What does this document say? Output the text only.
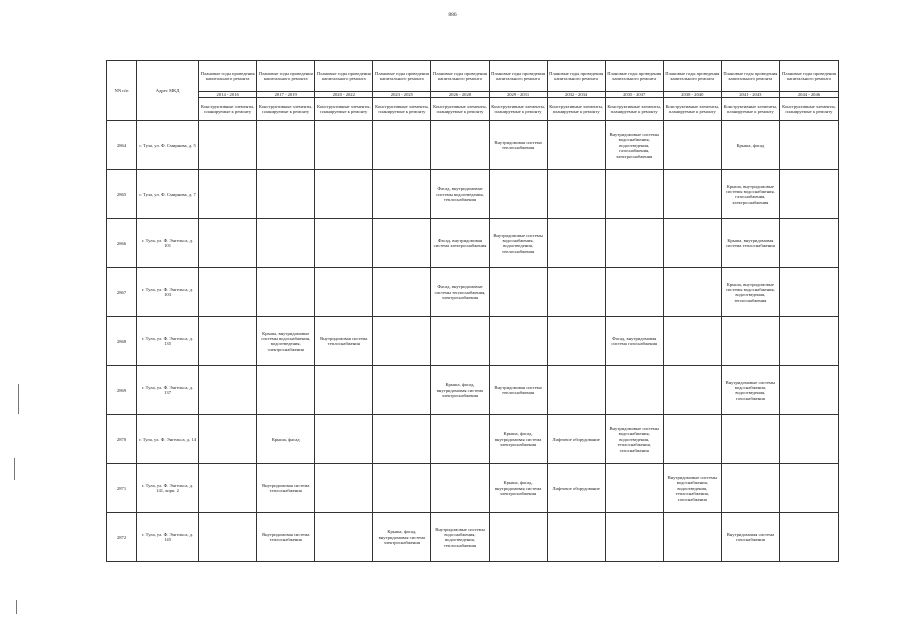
886
NN п/п	Адрес МКД	Плановые годы проведения капитального ремонта	Плановые годы проведения капитального ремонта	Плановые годы проведения капитального ремонта	Плановые годы проведения капитального ремонта	Плановые годы проведения капитального ремонта	Плановые годы проведения капитального ремонта	Плановые годы проведения капитального ремонта	Плановые годы проведения капитального ремонта	Плановые годы проведения капитального ремонта	Плановые годы проведения капитального ремонта	Плановые годы проведения капитального ремонта
		2014 - 2016	2017 - 2019	2020 - 2022	2023 - 2025	2026 - 2028	2029 - 2031	2032 - 2034	2035 - 2037	2038 - 2040	2041 - 2043	2044 - 2046
		Конструктивные элементы, планируемые к ремонту	Конструктивные элементы, планируемые к ремонту	Конструктивные элементы, планируемые к ремонту	Конструктивные элементы, планируемые к ремонту	Конструктивные элементы, планируемые к ремонту	Конструктивные элементы, планируемые к ремонту	Конструктивные элементы, планируемые к ремонту	Конструктивные элементы, планируемые к ремонту	Конструктивные элементы, планируемые к ремонту	Конструктивные элементы, планируемые к ремонту	Конструктивные элементы, планируемые к ремонту
2864	г. Тула, ул. Ф. Смирнова, д. 5						Внутридомовая система теплоснабжения		Внутридомовые системы водоснабжения, водоотведения, газоснабжения, электроснабжения		Крыша, фасад	
2865	г. Тула, ул. Ф. Смирнова, д. 7					Фасад, внутридомовые системы водоотведения, теплоснабжения					Крыша, внутридомовые системы водоснабжения, газоснабжения, электроснабжения	
2866	г. Тула, ул. Ф. Энгельса, д. 101					Фасад, внутридомовая система электроснабжения	Внутридомовые системы водоснабжения, водоотведения, теплоснабжения				Крыша, внутридомовая система теплоснабжения	
2867	г. Тула, ул. Ф. Энгельса, д. 103					Фасад, внутридомовые системы теплоснабжения, электроснабжения					Крыша, внутридомовые системы водоснабжения, водоотведения, теплоснабжения	
2868	г. Тула, ул. Ф. Энгельса, д. 135		Крыша, внутридомовые системы водоснабжения, водоотведения, электроснабжения	Внутридомовая система теплоснабжения					Фасад, внутридомовая система газоснабжения			
2869	г. Тула, ул. Ф. Энгельса, д. 137					Крыша, фасад, внутридомовая система электроснабжения	Внутридомовая система теплоснабжения				Внутридомовые системы водоснабжения, водоотведения, газоснабжения	
2870	г. Тула, ул. Ф. Энгельса, д. 14		Крыша, фасад				Крыша, фасад, внутридомовая система электроснабжения	Лифтовое оборудование	Внутридомовые системы водоснабжения, водоотведения, теплоснабжения, газоснабжения			
2871	г. Тула, ул. Ф. Энгельса, д. 141, корп. 2		Внутридомовая система теплоснабжения				Крыша, фасад, внутридомовая система электроснабжения	Лифтовое оборудование		Внутридомовые системы водоснабжения, водоотведения, теплоснабжения, газоснабжения		
2872	г. Тула, ул. Ф. Энгельса, д. 145		Внутридомовая система теплоснабжения		Крыша, фасад, внутридомовая система электроснабжения	Внутридомовые системы водоснабжения, водоотведения, теплоснабжения					Внутридомовая система газоснабжения	
